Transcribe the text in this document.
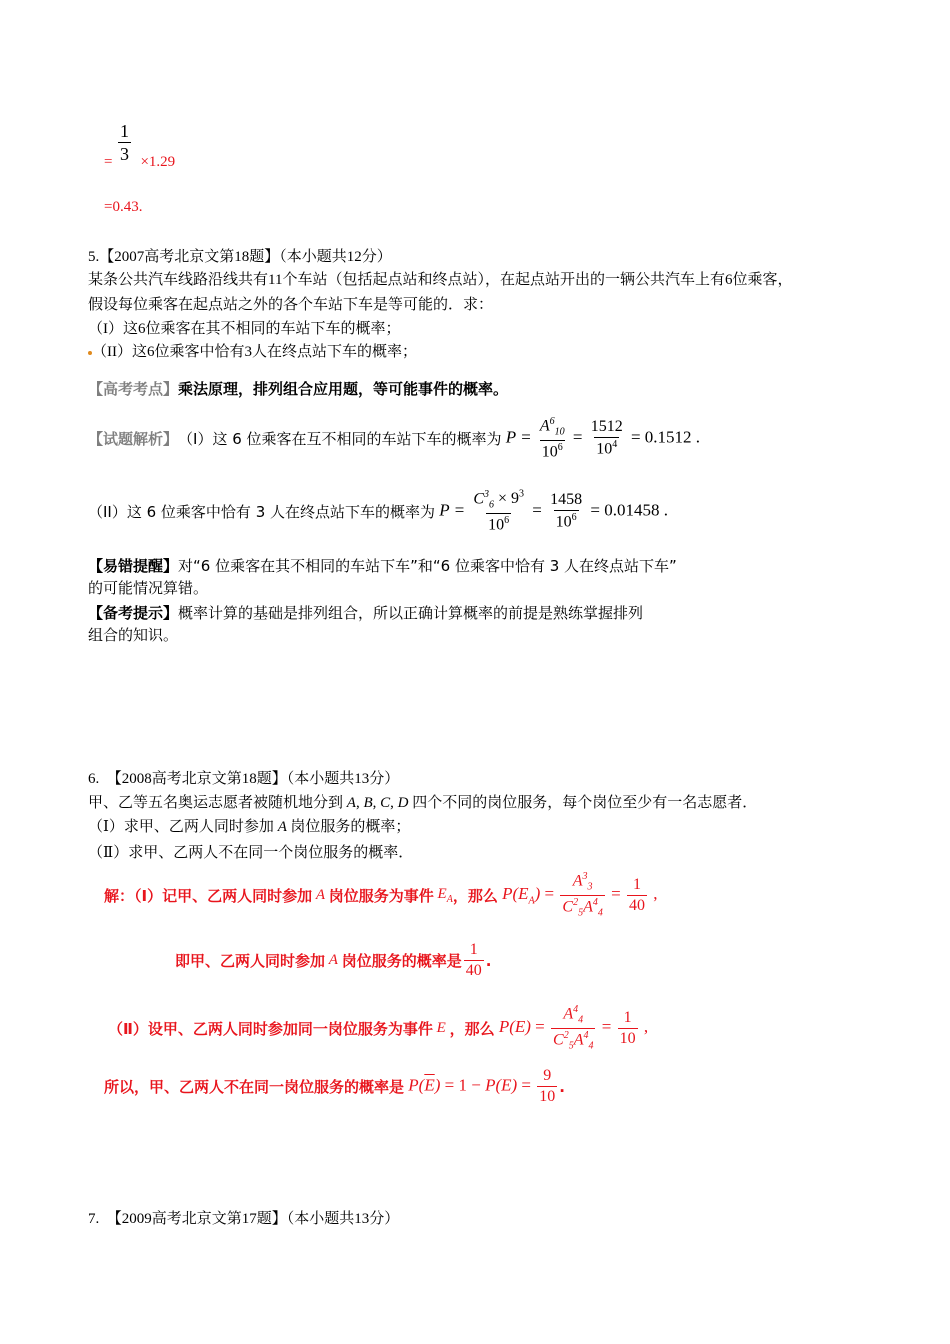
$\frac{1}{3}$
= ×1.29
=0.43.
5.【2007高考北京文第18题】（本小题共12分）
某条公共汽车线路沿线共有11个车站（包括起点站和终点站），在起点站开出的一辆公共汽车上有6位乘客，
假设每位乘客在起点站之外的各个车站下车是等可能的．求：
（I）这6位乘客在其不相同的车站下车的概率；
（II）这6位乘客中恰有3人在终点站下车的概率；
【高考考点】乘法原理，排列组合应用题，等可能事件的概率。
【试题解析】 （I）这 6 位乘客在互不相同的车站下车的概率为 $P = \frac{A^6_{10}}{10^6} = \frac{1512}{10^4} = 0.1512$ .
（II）这 6 位乘客中恰有 3 人在终点站下车的概率为 $P = \frac{C^3_6 \times 9^3}{10^6} = \frac{1458}{10^6} = 0.01458$ .
【易错提醒】对“6 位乘客在其不相同的车站下车”和“6 位乘客中恰有 3 人在终点站下车”
的可能情况算错。
【备考提示】概率计算的基础是排列组合，所以正确计算概率的前提是熟练掌握排列
组合的知识。
6.　【2008高考北京文第18题】（本小题共13分）
甲、乙等五名奥运志愿者被随机地分到 A, B, C, D 四个不同的岗位服务，每个岗位至少有一名志愿者．
（Ⅰ）求甲、乙两人同时参加 A 岗位服务的概率；
（Ⅱ）求甲、乙两人不在同一个岗位服务的概率．
解：（Ⅰ）记甲、乙两人同时参加 A 岗位服务为事件 $E_A$ ，那么 $P(E_A) = \frac{A^3_3}{C^2_5A^4_4} = \frac{1}{40}$ ,
即甲、乙两人同时参加 A 岗位服务的概率是 $\frac{1}{40}$ .
（Ⅱ）设甲、乙两人同时参加同一岗位服务为事件 E ，那么 $P(E) = \frac{A^4_4}{C^2_5A^4_4} = \frac{1}{10}$ ,
所以，甲、乙两人不在同一岗位服务的概率是 $P(\overline{E}) = 1 - P(E) = \frac{9}{10}$ .
7.　【2009高考北京文第17题】（本小题共13分）
